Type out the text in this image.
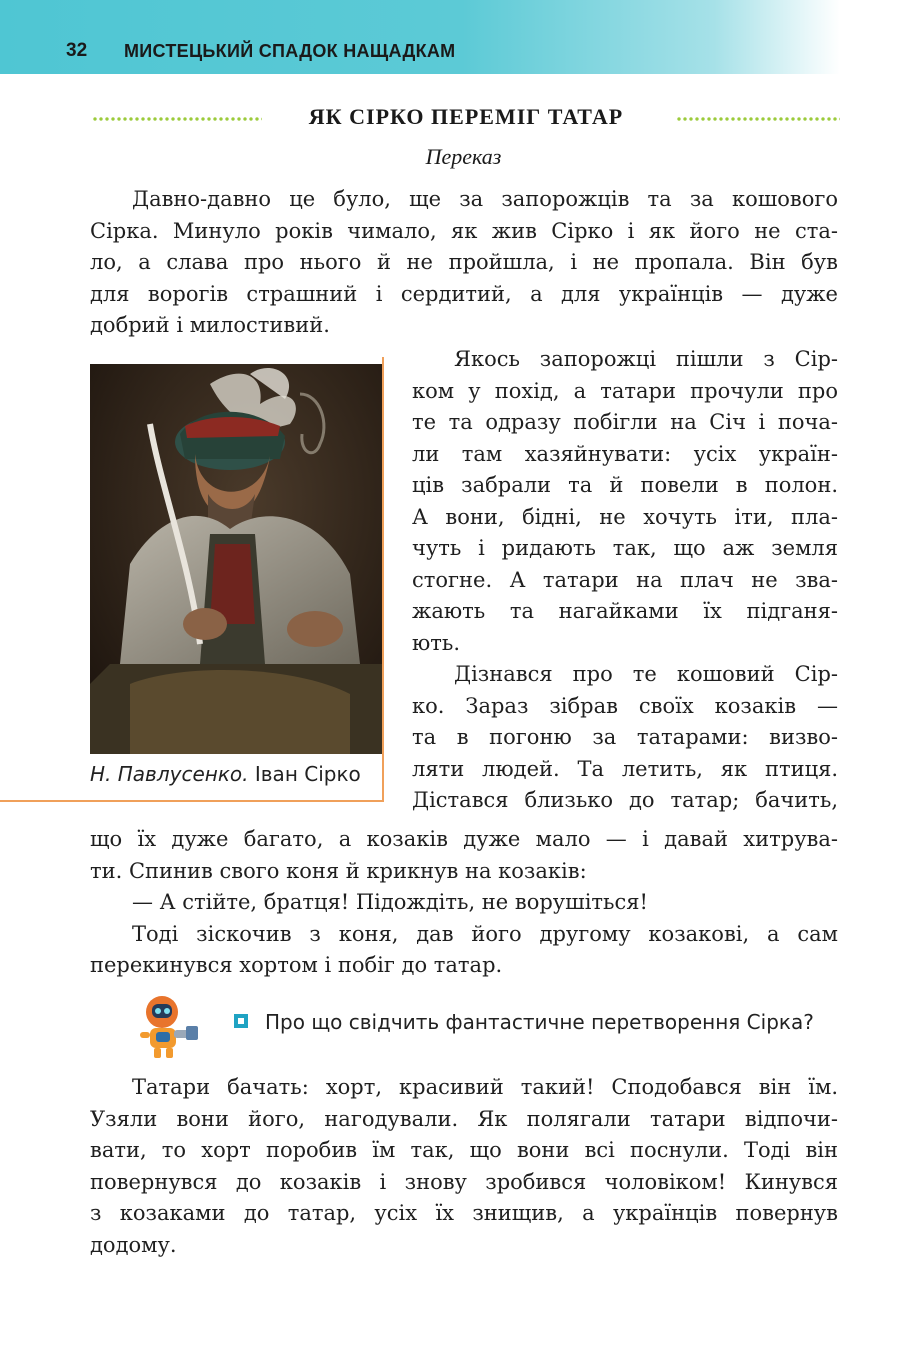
32 МИСТЕЦЬКИЙ СПАДОК НАЩАДКАМ
ЯК СІРКО ПЕРЕМІГ ТАТАР
Переказ
Давно-давно це було, ще за запорожців та за кошового
Сірка. Минуло років чимало, як жив Сірко і як його не ста-
ло, а слава про нього й не пройшла, і не пропала. Він був
для ворогів страшний і сердитий, а для українців — дуже
добрий і милостивий.
Н. Павлусенко. Іван Сірко
Якось запорожці пішли з Сір-
ком у похід, а татари прочули про
те та одразу побігли на Січ і поча-
ли там хазяйнувати: усіх україн-
ців забрали та й повели в полон.
А вони, бідні, не хочуть іти, пла-
чуть і ридають так, що аж земля
стогне. А татари на плач не зва-
жають та нагайками їх підганя-
ють.
Дізнався про те кошовий Сір-
ко. Зараз зібрав своїх козаків —
та в погоню за татарами: визво-
ляти людей. Та летить, як птиця.
Дістався близько до татар; бачить,
що їх дуже багато, а козаків дуже мало — і давай хитрува-
ти. Спинив свого коня й крикнув на козаків:
— А стійте, братця! Підождіть, не ворушіться!
Тоді зіскочив з коня, дав його другому козакові, а сам
перекинувся хортом і побіг до татар.
Про що свідчить фантастичне перетворення Сірка?
Татари бачать: хорт, красивий такий! Сподобався він їм.
Узяли вони його, нагодували. Як полягали татари відпочи-
вати, то хорт поробив їм так, що вони всі поснули. Тоді він
повернувся до козаків і знову зробився чоловіком! Кинувся
з козаками до татар, усіх їх знищив, а українців повернув
додому.
